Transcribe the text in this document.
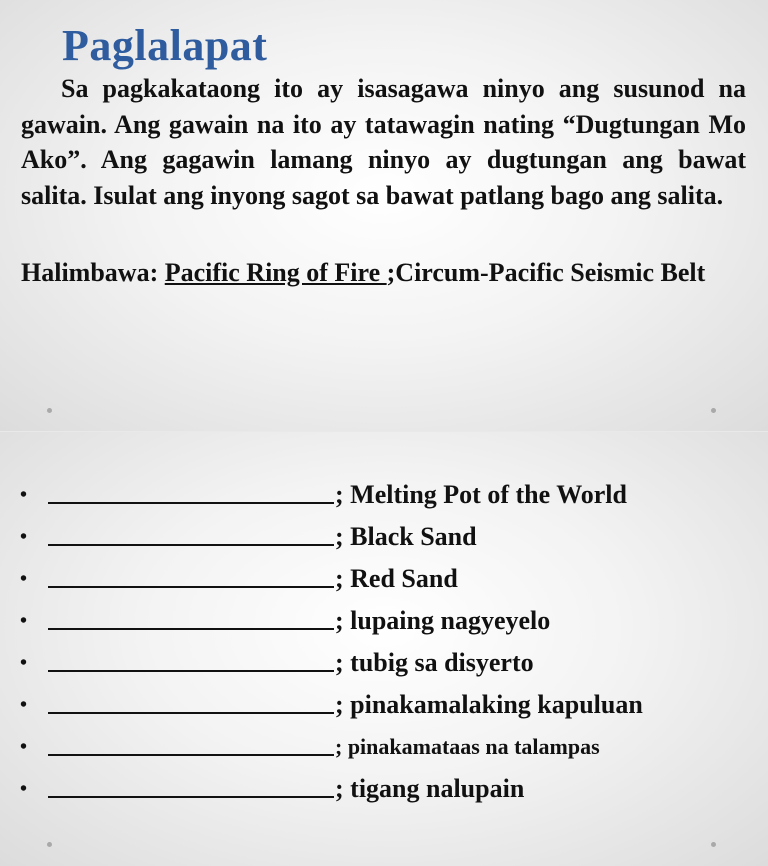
Paglalapat

Sa pagkakataong ito ay isasagawa ninyo ang susunod na gawain. Ang gawain na ito ay tatawagin nating “Dugtungan Mo Ako”. Ang gagawin lamang ninyo ay dugtungan ang bawat salita. Isulat ang inyong sagot sa bawat patlang bago ang salita.

Halimbawa: Pacific Ring of Fire ;Circum-Pacific Seismic Belt

•	; Melting Pot of the World
•	; Black Sand
•	; Red Sand
•	; lupaing nagyeyelo
•	; tubig sa disyerto
•	; pinakamalaking kapuluan
•	; pinakamataas na talampas
•	; tigang nalupain
